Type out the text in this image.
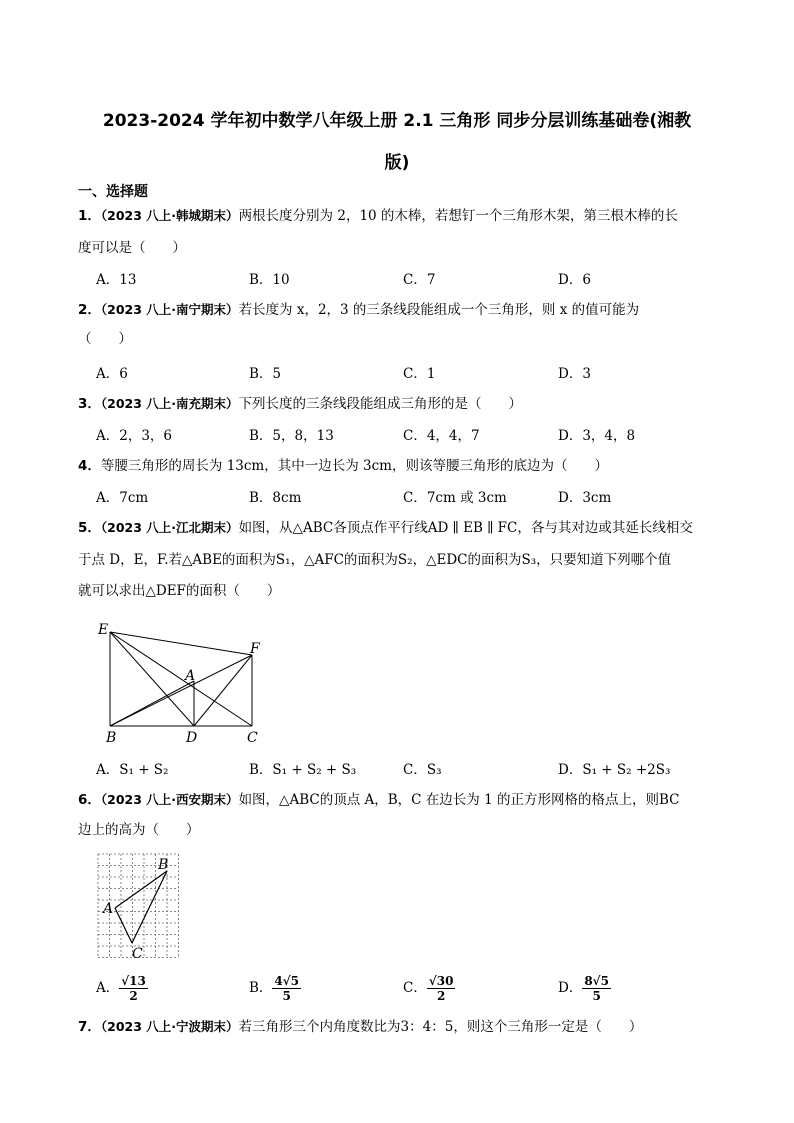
2023-2024 学年初中数学八年级上册 2.1 三角形 同步分层训练基础卷(湘教
版)
一、选择题
1．（2023 八上·韩城期末）两根长度分别为 2，10 的木棒，若想钉一个三角形木架，第三根木棒的长
度可以是（　　）
A．13	B．10	C．7	D．6
2．（2023 八上·南宁期末）若长度为 x，2，3 的三条线段能组成一个三角形，则 x 的值可能为
（　　）
A．6	B．5	C．1	D．3
3．（2023 八上·南充期末）下列长度的三条线段能组成三角形的是（　　）
A．2，3，6	B．5，8，13	C．4，4，7	D．3，4，8
4．等腰三角形的周长为 13cm，其中一边长为 3cm，则该等腰三角形的底边为（　　）
A．7cm	B．8cm	C．7cm 或 3cm	D．3cm
5．（2023 八上·江北期末）如图，从△ABC各顶点作平行线AD ∥ EB ∥ FC，各与其对边或其延长线相交
于点 D，E，F.若△ABE的面积为S₁，△AFC的面积为S₂，△EDC的面积为S₃，只要知道下列哪个值
就可以求出△DEF的面积（　　）
E
F
A
B	D	C
A．S₁ + S₂	B．S₁ + S₂ + S₃	C．S₃	D．S₁ + S₂ +2S₃
6．（2023 八上·西安期末）如图，△ABC的顶点 A，B，C 在边长为 1 的正方形网格的格点上，则BC
边上的高为（　　）
A
B
C
A． $\frac{√13}{2}$	B． $\frac{4√5}{5}$	C． $\frac{√30}{2}$	D． $\frac{8√5}{5}$
7．（2023 八上·宁波期末）若三角形三个内角度数比为3：4：5，则这个三角形一定是（　　）
